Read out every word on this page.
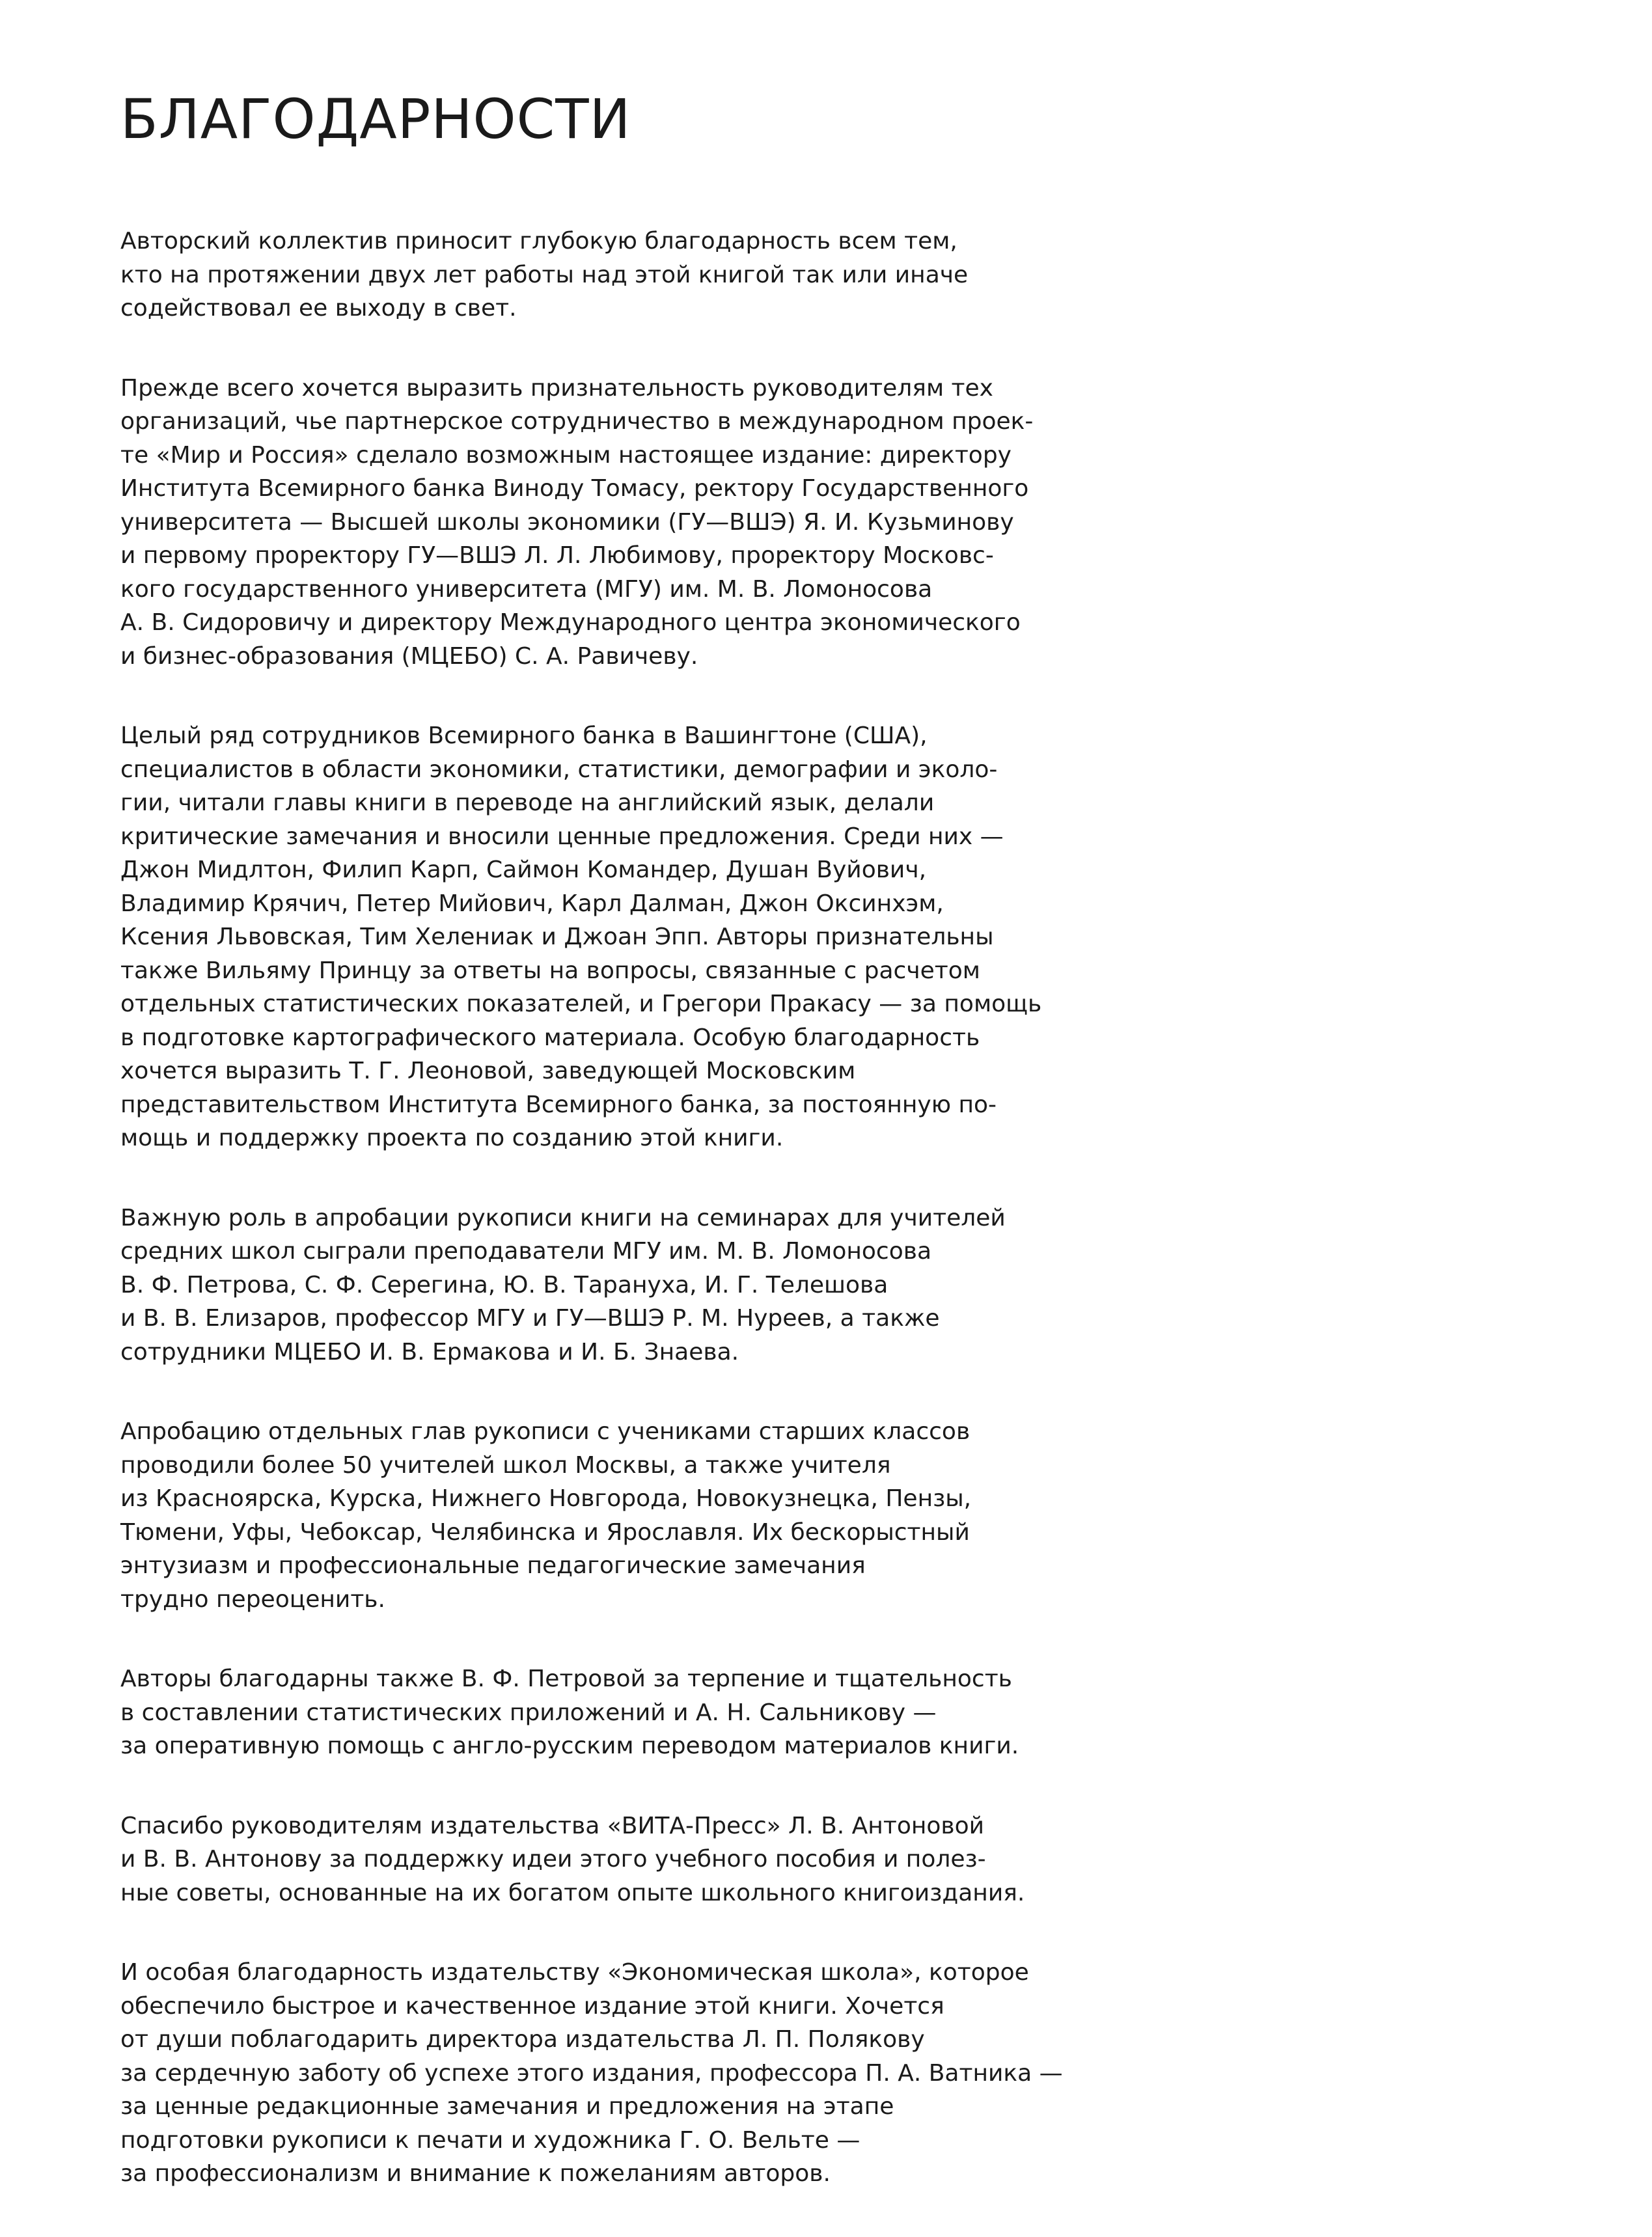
БЛАГОДАРНОСТИ
Авторский коллектив приносит глубокую благодарность всем тем,
кто на протяжении двух лет работы над этой книгой так или иначе
содействовал ее выходу в свет.
Прежде всего хочется выразить признательность руководителям тех
организаций, чье партнерское сотрудничество в международном проек-
те «Мир и Россия» сделало возможным настоящее издание: директору
Института Всемирного банка Виноду Томасу, ректору Государственного
университета — Высшей школы экономики (ГУ—ВШЭ) Я. И. Кузьминову
и первому проректору ГУ—ВШЭ Л. Л. Любимову, проректору Московс-
кого государственного университета (МГУ) им. М. В. Ломоносова
А. В. Сидоровичу и директору Международного центра экономического
и бизнес-образования (МЦЕБО) С. А. Равичеву.
Целый ряд сотрудников Всемирного банка в Вашингтоне (США),
специалистов в области экономики, статистики, демографии и эколо-
гии, читали главы книги в переводе на английский язык, делали
критические замечания и вносили ценные предложения. Среди них —
Джон Мидлтон, Филип Карп, Саймон Командер, Душан Вуйович,
Владимир Крячич, Петер Мийович, Карл Далман, Джон Оксинхэм,
Ксения Львовская, Тим Хелениак и Джоан Эпп. Авторы признательны
также Вильяму Принцу за ответы на вопросы, связанные с расчетом
отдельных статистических показателей, и Грегори Пракасу — за помощь
в подготовке картографического материала. Особую благодарность
хочется выразить Т. Г. Леоновой, заведующей Московским
представительством Института Всемирного банка, за постоянную по-
мощь и поддержку проекта по созданию этой книги.
Важную роль в апробации рукописи книги на семинарах для учителей
средних школ сыграли преподаватели МГУ им. М. В. Ломоносова
В. Ф. Петрова, С. Ф. Серегина, Ю. В. Тарануха, И. Г. Телешова
и В. В. Елизаров, профессор МГУ и ГУ—ВШЭ Р. М. Нуреев, а также
сотрудники МЦЕБО И. В. Ермакова и И. Б. Знаева.
Апробацию отдельных глав рукописи с учениками старших классов
проводили более 50 учителей школ Москвы, а также учителя
из Красноярска, Курска, Нижнего Новгорода, Новокузнецка, Пензы,
Тюмени, Уфы, Чебоксар, Челябинска и Ярославля. Их бескорыстный
энтузиазм и профессиональные педагогические замечания
трудно переоценить.
Авторы благодарны также В. Ф. Петровой за терпение и тщательность
в составлении статистических приложений и А. Н. Сальникову —
за оперативную помощь с англо-русским переводом материалов книги.
Спасибо руководителям издательства «ВИТА-Пресс» Л. В. Антоновой
и В. В. Антонову за поддержку идеи этого учебного пособия и полез-
ные советы, основанные на их богатом опыте школьного книгоиздания.
И особая благодарность издательству «Экономическая школа», которое
обеспечило быстрое и качественное издание этой книги. Хочется
от души поблагодарить директора издательства Л. П. Полякову
за сердечную заботу об успехе этого издания, профессора П. А. Ватника —
за ценные редакционные замечания и предложения на этапе
подготовки рукописи к печати и художника Г. О. Вельте —
за профессионализм и внимание к пожеланиям авторов.
